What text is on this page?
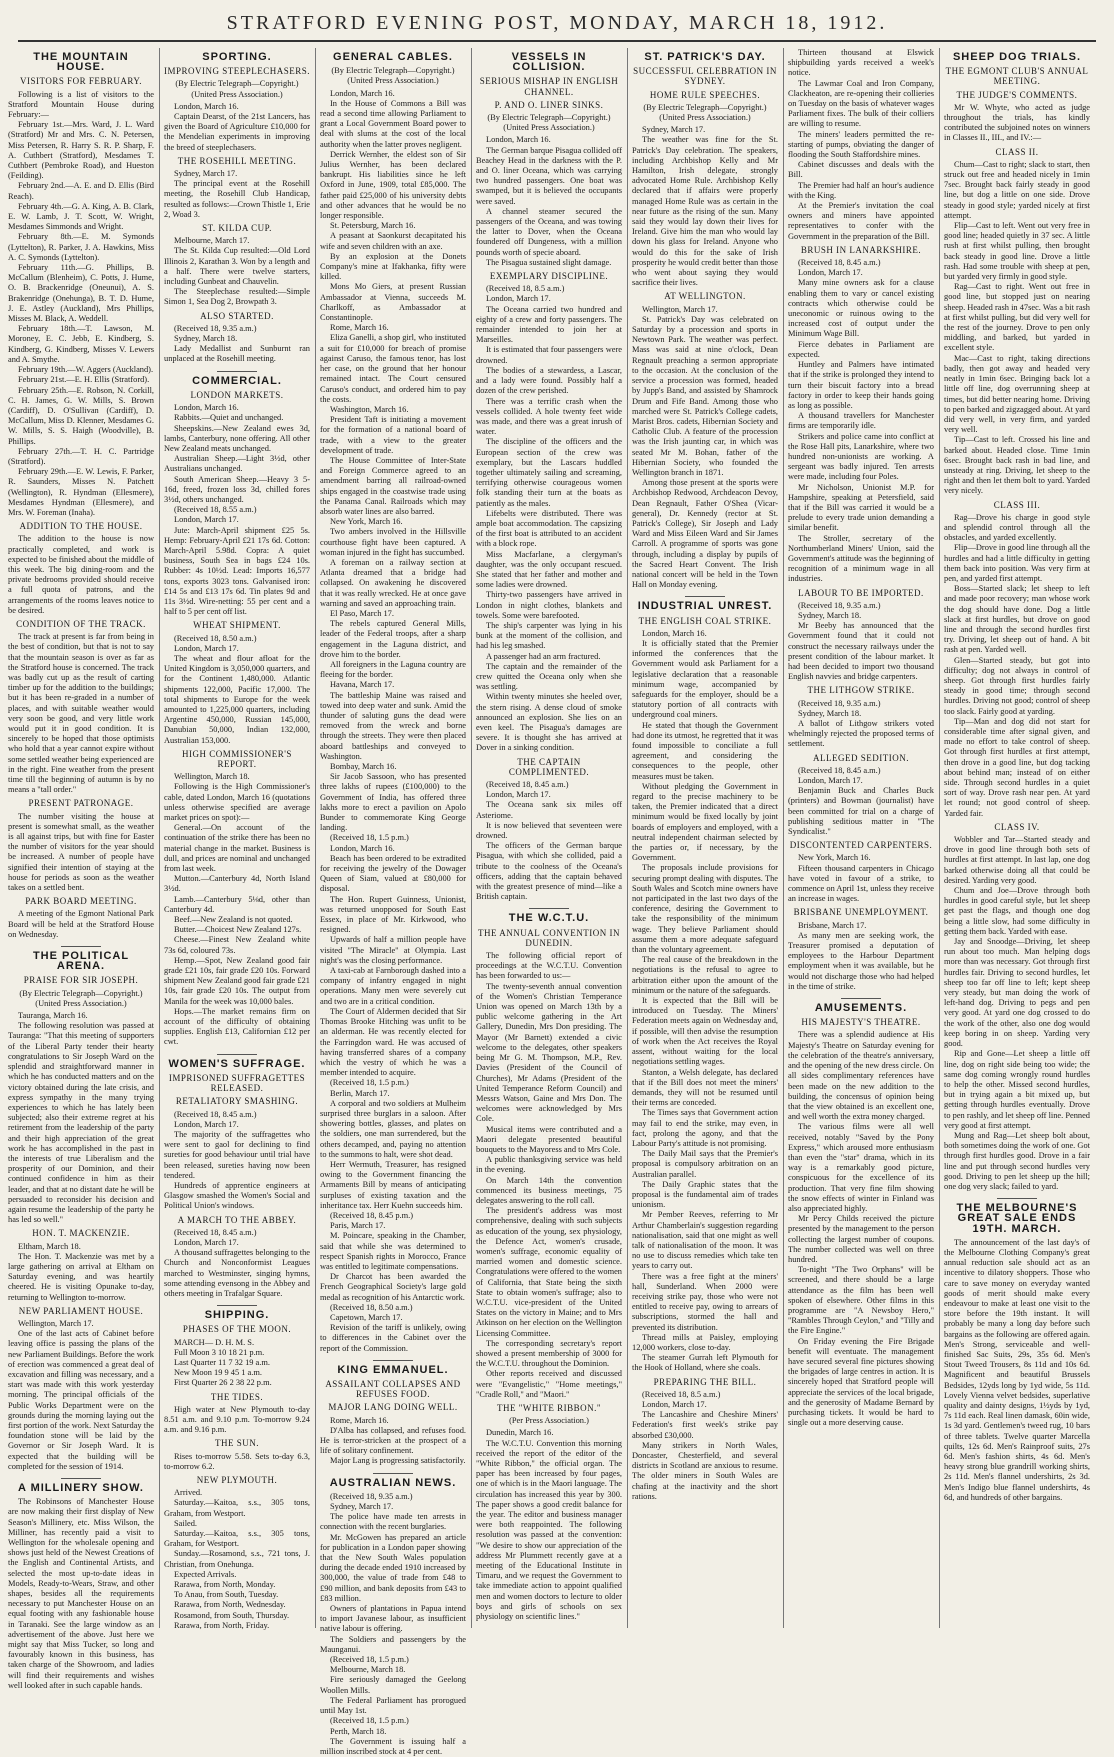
STRATFORD EVENING POST, MONDAY, MARCH 18, 1912.
THE MOUNTAIN HOUSE.
VISITORS FOR FEBRUARY.

Following is a list of visitors to the Stratford Mountain House during February:—

February 1st.—Mrs. Ward, J. L. Ward (Stratford) Mr and Mrs. C. N. Petersen, Miss Petersen, R. Harry S. R. P. Sharp, F. A. Cuthbert (Stratford), Mesdames T. Cuthbert (Pembroke Road), and Hueston (Feilding).

February 2nd.—A. E. and D. Ellis (Bird Reach).

February 4th.—G. A. King, A. B. Clark, E. W. Lamb, J. T. Scott, W. Wright, Mesdames Simmonds and Wright.

February 8th.—E. M. Symonds (Lyttelton), R. Parker, J. A. Hawkins, Miss A. C. Symonds (Lyttelton).

February 11th.—G. Phillips, B. McCallum (Blenheim), C. Potts, J. Hume, O. B. Brackenridge (Oneunui), A. S. Brakenridge (Onehunga), B. T. D. Hume, J. E. Astley (Auckland), Mrs Phillips, Misses M. Black, A. Weddell.

February 18th.—T. Lawson, M. Moroney, E. C. Jebb, E. Kindberg, S. Kindberg, G. Kindberg, Misses V. Lewers and A. Smythe.

February 19th.—W. Aggers (Auckland).

February 21st.—E. H. Ellis (Stratford).

February 25th.—E. Robson, N. Corkill, C. H. James, G. W. Mills, S. Brown (Cardiff), D. O'Sullivan (Cardiff), D. McCallum, Miss D. Klenner, Mesdames G. W. Mills, S. S. Haigh (Woodville), B. Phillips.

February 27th.—T. H. C. Partridge (Stratford).

February 29th.—E. W. Lewis, F. Parker, R. Saunders, Misses N. Patchett (Wellington), R. Hyndman (Ellesmere), Mesdames Hyndman (Ellesmere), and Mrs. W. Foreman (Inaha).

ADDITION TO THE HOUSE.

The addition to the house is now practically completed, and work is expected to be finished about the middle of this week. The big dining-room and the private bedrooms provided should receive a full quota of patrons, and the arrangements of the rooms leaves notice to be desired.

CONDITION OF THE TRACK.

The track at present is far from being in the best of condition, but that is not to say that the mountain season is over as far as the Stratford house is concerned. The track was badly cut up as the result of carting timber up for the addition to the buildings; but it has been re-graded in a number of places, and with suitable weather would very soon be good, and very little work would put it in good condition. It is sincerely to be hoped that those optimists who hold that a year cannot expire without some settled weather being experienced are in the right. Fine weather from the present time till the beginning of autumn is by no means a "tall order."

PRESENT PATRONAGE.

The number visiting the house at present is somewhat small, as the weather is all against trips, but with fine for Easter the number of visitors for the year should be increased. A number of people have signified their intention of staying at the house for periods as soon as the weather takes on a settled bent.

PARK BOARD MEETING.

A meeting of the Egmont National Park Board will be held at the Stratford House on Wednesday.

THE POLITICAL ARENA.
PRAISE FOR SIR JOSEPH.
(By Electric Telegraph—Copyright.) (United Press Association.)

Tauranga, March 16.

The following resolution was passed at Tauranga: "That this meeting of supporters of the Liberal Party tender their hearty congratulations to Sir Joseph Ward on the splendid and straightforward manner in which he has conducted matters and on the victory obtained during the late crisis, and express sympathy in the many trying experiences to which he has lately been subjected; also their extreme regret at his retirement from the leadership of the party and their high appreciation of the great work he has accomplished in the past in the interests of true Liberalism and the prosperity of our Dominion, and their continued confidence in him as their leader, and that at no distant date he will be persuaded to reconsider his decision and again resume the leadership of the party he has led so well."

HON. T. MACKENZIE.

Eltham, March 18.

The Hon. T. Mackenzie was met by a large gathering on arrival at Eltham on Saturday evening, and was heartily cheered. He is visiting Opunake to-day, returning to Wellington to-morrow.

NEW PARLIAMENT HOUSE.

Wellington, March 17.

One of the last acts of Cabinet before leaving office is passing the plans of the new Parliament Buildings. Before the work of erection was commenced a great deal of excavation and filling was necessary, and a start was made with this work yesterday morning. The principal officials of the Public Works Department were on the grounds during the morning laying out the first portion of the work. Next Saturday the foundation stone will be laid by the Governor or Sir Joseph Ward. It is expected that the building will be completed for the session of 1914.

A MILLINERY SHOW.

The Robinsons of Manchester House are now making their first display of New Season's Millinery, etc. Miss Wilson, the Milliner, has recently paid a visit to Wellington for the wholesale opening and shows just held of the Newest Creations of the English and Continental Artists, and selected the most up-to-date ideas in Models, Ready-to-Wears, Straw, and other shapes, besides all the requirements necessary to put Manchester House on an equal footing with any fashionable house in Taranaki. See the large window as an advertisement of the above. Just here we might say that Miss Tucker, so long and favourably known in this business, has taken charge of the Showroom, and ladies will find their requirements and wishes well looked after in such capable hands.

SPORTING.
IMPROVING STEEPLECHASERS.
(By Electric Telegraph—Copyright.) (United Press Association.)

London, March 16.

Captain Dearst, of the 21st Lancers, has given the Board of Agriculture £10,000 for the Mendelian experiments in improving the breed of steeplechasers.

THE ROSEHILL MEETING.

Sydney, March 17.

The principal event at the Rosehill meeting, the Rosehill Club Handicap, resulted as follows:—Crown Thistle 1, Erie 2, Woad 3.

ST. KILDA CUP.

Melbourne, March 17.

The St. Kilda Cup resulted:—Old Lord Illinois 2, Karathan 3. Won by a length and a half. There were twelve starters, including Gunbeat and Chauvelin.

The Steeplechase resulted:—Simple Simon 1, Sea Dog 2, Browpath 3.

ALSO STARTED.

(Received 18, 9.35 a.m.)

Sydney, March 18.

Lady Medallist and Sunburnt ran unplaced at the Rosehill meeting.

COMMERCIAL.
LONDON MARKETS.

London, March 16.

Rabbits.—Quiet and unchanged.

Sheepskins.—New Zealand ewes 3d, lambs, Canterbury, none offering. All other New Zealand meats unchanged.

Australian Sheep.—Light 3½d, other Australians unchanged.

South American Sheep.—Heavy 3 5-16d, freed, frozen loss 3d, chilled fores 3½d, others unchanged.

(Received 18, 8.55 a.m.)

London, March 17.

Jute: March-April shipment £25 5s. Hemp: February-April £21 17s 6d. Cotton: March-April 5.98d. Copra: A quiet business, South Sea in bags £24 10s. Rubber: 4s 10½d. Lead: Imports 16,577 tons, exports 3023 tons. Galvanised iron: £14 5s and £13 17s 6d. Tin plates 9d and 11s 3½d. Wire-netting: 55 per cent and a half to 5 per cent off list.

WHEAT SHIPMENT.

(Received 18, 8.50 a.m.)

London, March 17.

The wheat and flour afloat for the United Kingdom is 3,050,000 quarters, and for the Continent 1,480,000. Atlantic shipments 122,000, Pacific 17,000. The total shipments to Europe for the week amounted to 1,225,000 quarters, including Argentine 450,000, Russian 145,000, Danubian 50,000, Indian 132,000, Australian 153,000.

HIGH COMMISSIONER'S REPORT.

Wellington, March 18.

Following is the High Commissioner's cable, dated London, March 16 (quotations unless otherwise specified are average market prices on spot):—

General.—On account of the continuation of the strike there has been no material change in the market. Business is dull, and prices are nominal and unchanged from last week.

Mutton.—Canterbury 4d, North Island 3½d.

Lamb.—Canterbury 5⅛d, other than Canterbury 4d.

Beef.—New Zealand is not quoted.

Butter.—Choicest New Zealand 127s.

Cheese.—Finest New Zealand white 73s 6d, coloured 73s.

Hemp.—Spot, New Zealand good fair grade £21 10s, fair grade £20 10s. Forward shipment New Zealand good fair grade £21 10s, fair grade £20 10s. The output from Manila for the week was 10,000 bales.

Hops.—The market remains firm on account of the difficulty of obtaining supplies. English £13, Californian £12 per cwt.

WOMEN'S SUFFRAGE.
IMPRISONED SUFFRAGETTES RELEASED.
RETALIATORY SMASHING.

(Received 18, 8.45 a.m.)

London, March 17.

The majority of the suffragettes who were sent to gaol for declining to find sureties for good behaviour until trial have been released, sureties having now been tendered.

Hundreds of apprentice engineers at Glasgow smashed the Women's Social and Political Union's windows.

A MARCH TO THE ABBEY.

(Received 18, 8.45 a.m.)

London, March 17.

A thousand suffragettes belonging to the Church and Nonconformist Leagues marched to Westminster, singing hymns, some attending evensong in the Abbey and others meeting in Trafalgar Square.

SHIPPING.
PHASES OF THE MOON.

MARCH— D. H. M. S.

Full Moon 3 10 18 21 p.m.

Last Quarter 11 7 32 19 a.m.

New Moon 19 9 45 1 a.m.

First Quarter 26 2 38 22 p.m.

THE TIDES.

High water at New Plymouth to-day 8.51 a.m. and 9.10 p.m. To-morrow 9.24 a.m. and 9.16 p.m.

THE SUN.

Rises to-morrow 5.58. Sets to-day 6.3, to-morrow 6.2.

NEW PLYMOUTH.

Arrived.

Saturday.—Kaitoa, s.s., 305 tons, Graham, from Westport.

Sailed.

Saturday.—Kaitoa, s.s., 305 tons, Graham, for Westport.

Sunday.—Rosamond, s.s., 721 tons, J. Christian, from Onehunga.

Expected Arrivals.

Rarawa, from North, Monday.

To Anau, from South, Tuesday.

Rarawa, from North, Wednesday.

Rosamond, from South, Thursday.

Rarawa, from North, Friday.

GENERAL CABLES.
(By Electric Telegraph—Copyright.) (United Press Association.)

London, March 16.

In the House of Commons a Bill was read a second time allowing Parliament to grant a Local Government Board power to deal with slums at the cost of the local authority when the latter proves negligent.

Derrick Wernher, the eldest son of Sir Julius Wernher, has been declared bankrupt. His liabilities since he left Oxford in June, 1909, total £85,000. The father paid £25,000 of his university debts and other advances that he would be no longer responsible.

St. Petersburg, March 16.

A peasant at Saonkurst decapitated his wife and seven children with an axe.

By an explosion at the Donets Company's mine at Ifakhanka, fifty were killed.

Mons Mo Giers, at present Russian Ambassador at Vienna, succeeds M. Charlkoff, as Ambassador at Constantinople.

Rome, March 16.

Eliza Ganelli, a shop girl, who instituted a suit for £10,000 for breach of promise against Caruso, the famous tenor, has lost her case, on the ground that her honour remained intact. The Court censured Caruso's conduct, and ordered him to pay the costs.

Washington, March 16.

President Taft is initiating a movement for the formation of a national board of trade, with a view to the greater development of trade.

The House Committee of Inter-State and Foreign Commerce agreed to an amendment barring all railroad-owned ships engaged in the coastwise trade using the Panama Canal. Railroads which may absorb water lines are also barred.

New York, March 16.

Two ambers involved in the Hillsville courthouse fight have been captured. A woman injured in the fight has succumbed.

A foreman on a railway section at Atlanta dreamed that a bridge had collapsed. On awakening he discovered that it was really wrecked. He at once gave warning and saved an approaching train.

El Paso, March 17.

The rebels captured General Mills, leader of the Federal troops, after a sharp engagement in the Laguna district, and drove him to the border.

All foreigners in the Laguna country are fleeing for the border.

Havana, March 17.

The battleship Maine was raised and towed into deep water and sunk. Amid the thunder of saluting guns the dead were removed from the wreck and borne through the streets. They were then placed aboard battleships and conveyed to Washington.

Bombay, March 16.

Sir Jacob Sassoon, who has presented three lakhs of rupees (£100,000) to the Government of India, has offered three lakhs more to erect a pavilion on Apolo Bunder to commemorate King George landing.

(Received 18, 1.5 p.m.)

London, March 16.

Beach has been ordered to be extradited for receiving the jewelry of the Dowager Queen of Siam, valued at £80,000 for disposal.

The Hon. Rupert Guinness, Unionist, was returned unopposed for South East Essex, in place of Mr. Kirkwood, who resigned.

Upwards of half a million people have visited "The Miracle" at Olympia. Last night's was the closing performance.

A taxi-cab at Farnborough dashed into a company of infantry engaged in night operations. Many men were severely cut and two are in a critical condition.

The Court of Aldermen decided that Sir Thomas Brooke Hitching was unfit to be an alderman. He was recently elected for the Farringdon ward. He was accused of having transferred shares of a company which the vestry of which he was a member intended to acquire.

(Received 18, 1.5 p.m.)

Berlin, March 17.

A corporal and two soldiers at Mulheim surprised three burglars in a saloon. After showering bottles, glasses, and plates on the soldiers, one man surrendered, but the others decamped, and, paying no attention to the summons to halt, were shot dead.

Herr Wermuth, Treasurer, has resigned owing to the Government financing the Armaments Bill by means of anticipating surpluses of existing taxation and the inheritance tax. Herr Kuehn succeeds him.

(Received 18, 8.45 p.m.)

Paris, March 17.

M. Poincare, speaking in the Chamber, said that while she was determined to respect Spanish rights in Morocco, France was entitled to legitimate compensations.

Dr Charcot has been awarded the French Geographical Society's large gold medal as recognition of his Antarctic work.

(Received 18, 8.50 a.m.)

Capetown, March 17.

Revision of the tariff is unlikely, owing to differences in the Cabinet over the report of the Commission.

KING EMMANUEL.
ASSAILANT COLLAPSES AND REFUSES FOOD.
MAJOR LANG DOING WELL.

Rome, March 16.

D'Alba has collapsed, and refuses food. He is terror-stricken at the prospect of a life of solitary confinement.

Major Lang is progressing satisfactorily.

AUSTRALIAN NEWS.

(Received 18, 9.35 a.m.)

Sydney, March 17.

The police have made ten arrests in connection with the recent burglaries.

Mr. McGowen has prepared an article for publication in a London paper showing that the New South Wales population during the decade ended 1910 increased by 300,000, the value of trade from £48 to £90 million, and bank deposits from £43 to £83 million.

Owners of plantations in Papua intend to import Javanese labour, as insufficient native labour is offering.

The Soldiers and passengers by the Maunganui.

(Received 18, 1.5 p.m.)

Melbourne, March 18.

Fire seriously damaged the Geelong Woollen Mills.

The Federal Parliament has prorogued until May 1st.

(Received 18, 1.5 p.m.)

Perth, March 18.

The Government is issuing half a million inscribed stock at 4 per cent.

VESSELS IN COLLISION.
SERIOUS MISHAP IN ENGLISH CHANNEL.
P. AND O. LINER SINKS.
(By Electric Telegraph—Copyright.) (United Press Association.)

London, March 16.

The German barque Pisagua collided off Beachey Head in the darkness with the P. and O. liner Oceana, which was carrying two hundred passengers. One boat was swamped, but it is believed the occupants were saved.

A channel steamer secured the passengers of the Oceana, and was towing the latter to Dover, when the Oceana foundered off Dungeness, with a million pounds worth of specie aboard.

The Pisagua sustained slight damage.

EXEMPLARY DISCIPLINE.

(Received 18, 8.5 a.m.)

London, March 17.

The Oceana carried two hundred and eighty of a crew and forty passengers. The remainder intended to join her at Marseilles.

It is estimated that four passengers were drowned.

The bodies of a stewardess, a Lascar, and a lady were found. Possibly half a dozen of the crew perished.

There was a terrific crash when the vessels collided. A hole twenty feet wide was made, and there was a great inrush of water.

The discipline of the officers and the European section of the crew was exemplary, but the Lascars huddled together ultimately sailing and screaming, terrifying otherwise courageous women folk standing their turn at the boats as patiently as the males.

Lifebelts were distributed. There was ample boat accommodation. The capsizing of the first boat is attributed to an accident with a block rope.

Miss Macfarlane, a clergyman's daughter, was the only occupant rescued. She stated that her father and mother and some ladies were drowned.

Thirty-two passengers have arrived in London in night clothes, blankets and towels. Some were barefooted.

The ship's carpenter was lying in his bunk at the moment of the collision, and had his leg smashed.

A passenger had an arm fractured.

The captain and the remainder of the crew quitted the Oceana only when she was settling.

Within twenty minutes she heeled over, the stern rising. A dense cloud of smoke announced an explosion. She lies on an even keel. The Pisagua's damages are severe. It is thought she has arrived at Dover in a sinking condition.

THE CAPTAIN COMPLIMENTED.

(Received 18, 8.45 a.m.)

London, March 17.

The Oceana sank six miles off Asteriome.

It is now believed that seventeen were drowned.

The officers of the German barque Pisagua, with which she collided, paid a tribute to the coolness of the Oceana's officers, adding that the captain behaved with the greatest presence of mind—like a British captain.

THE W.C.T.U.
THE ANNUAL CONVENTION IN DUNEDIN.

The following official report of proceedings at the W.C.T.U. Convention has been forwarded to us:—

The twenty-seventh annual convention of the Women's Christian Temperance Union was opened on March 13th by a public welcome gathering in the Art Gallery, Dunedin, Mrs Don presiding. The Mayor (Mr Barnett) extended a civic welcome to the delegates, other speakers being Mr G. M. Thompson, M.P., Rev. Davies (President of the Council of Churches), Mr Adams (President of the United Temperance Reform Council) and Messrs Watson, Gaine and Mrs Don. The welcomes were acknowledged by Mrs Cole.

Musical items were contributed and a Maori delegate presented beautiful bouquets to the Mayoress and to Mrs Cole.

A public thanksgiving service was held in the evening.

On March 14th the convention commenced its business meetings, 75 delegates answering to the roll call.

The president's address was most comprehensive, dealing with such subjects as education of the young, sex physiology, the Defence Act, women's crusade, women's suffrage, economic equality of married women and domestic science. Congratulations were offered to the women of California, that State being the sixth State to obtain women's suffrage; also to W.C.T.U. vice-president of the United States on the victory in Maine; and to Mrs Atkinson on her election on the Wellington Licensing Committee.

The corresponding secretary's report showed a present membership of 3000 for the W.C.T.U. throughout the Dominion.

Other reports received and discussed were "Evangelistic," "Home meetings," "Cradle Roll," and "Maori."

THE "WHITE RIBBON."
(Per Press Association.)

Dunedin, March 16.

The W.C.T.U. Convention this morning received the report of the editor of the "White Ribbon," the official organ. The paper has been increased by four pages, one of which is in the Maori language. The circulation has increased this year by 300. The paper shows a good credit balance for the year. The editor and business manager were both reappointed. The following resolution was passed at the convention: "We desire to show our appreciation of the address Mr Plummett recently gave at a meeting of the Educational Institute in Timaru, and we request the Government to take immediate action to appoint qualified men and women doctors to lecture to older boys and girls of schools on sex physiology on scientific lines."

ST. PATRICK'S DAY.
SUCCESSFUL CELEBRATION IN SYDNEY.
HOME RULE SPEECHES.
(By Electric Telegraph—Copyright.) (United Press Association.)

Sydney, March 17.

The weather was fine for the St. Patrick's Day celebration. The speakers, including Archbishop Kelly and Mr Hamilton, Irish delegate, strongly advocated Home Rule. Archbishop Kelly declared that if affairs were properly managed Home Rule was as certain in the near future as the rising of the sun. Many said they would lay down their lives for Ireland. Give him the man who would lay down his glass for Ireland. Anyone who would do this for the sake of Irish prosperity he would credit better than those who went about saying they would sacrifice their lives.

AT WELLINGTON.

Wellington, March 17.

St. Patrick's Day was celebrated on Saturday by a procession and sports in Newtown Park. The weather was perfect. Mass was said at nine o'clock, Dean Regnault preaching a sermon appropriate to the occasion. At the conclusion of the service a procession was formed, headed by Jupp's Band, and assisted by Shamrock Drum and Fife Band. Among those who marched were St. Patrick's College cadets, Marist Bros. cadets, Hibernian Society and Catholic Club. A feature of the procession was the Irish jaunting car, in which was seated Mr M. Bohan, father of the Hibernian Society, who founded the Wellington branch in 1871.

Among those present at the sports were Archbishop Redwood, Archdeacon Devoy, Dean Regnault, Father O'Shea (Vicar-general), Dr. Kennedy (rector at St. Patrick's College), Sir Joseph and Lady Ward and Miss Eileen Ward and Sir James Carroll. A programme of sports was gone through, including a display by pupils of the Sacred Heart Convent. The Irish national concert will be held in the Town Hall on Monday evening.

INDUSTRIAL UNREST.
THE ENGLISH COAL STRIKE.

London, March 16.

It is officially stated that the Premier informed the conferences that the Government would ask Parliament for a legislative declaration that a reasonable minimum wage, accompanied by safeguards for the employer, should be a statutory portion of all contracts with underground coal miners.

He stated that though the Government had done its utmost, he regretted that it was found impossible to conciliate a full agreement, and considering the consequences to the people, other measures must be taken.

Without pledging the Government in regard to the precise machinery to be taken, the Premier indicated that a direct minimum would be fixed locally by joint boards of employers and employed, with a neutral independent chairman selected by the parties or, if necessary, by the Government.

The proposals include provisions for securing prompt dealing with disputes. The South Wales and Scotch mine owners have not participated in the last two days of the conference, desiring the Government to take the responsibility of the minimum wage. They believe Parliament should assume them a more adequate safeguard than the voluntary agreement.

The real cause of the breakdown in the negotiations is the refusal to agree to arbitration either upon the amount of the minimum or the nature of the safeguards.

It is expected that the Bill will be introduced on Tuesday. The Miners' Federation meets again on Wednesday and, if possible, will then advise the resumption of work when the Act receives the Royal assent, without waiting for the local negotiations settling wages.

Stanton, a Welsh delegate, has declared that if the Bill does not meet the miners' demands, they will not be resumed until their terms are conceded.

The Times says that Government action may fail to end the strike, may even, in fact, prolong the agony, and that the Labour Party's attitude is not promising.

The Daily Mail says that the Premier's proposal is compulsory arbitration on an Australian parallel.

The Daily Graphic states that the proposal is the fundamental aim of trades unionism.

Mr Pember Reeves, referring to Mr Arthur Chamberlain's suggestion regarding nationalisation, said that one might as well talk of nationalisation of the moon. It was no use to discuss remedies which take ten years to carry out.

There was a free fight at the miners' hall, Sunderland. When 2000 were receiving strike pay, those who were not entitled to receive pay, owing to arrears of subscriptions, stormed the hall and prevented its distribution.

Thread mills at Paisley, employing 12,000 workers, close to-day.

The steamer Gurrah left Plymouth for the Hook of Holland, where she coals.

PREPARING THE BILL.

(Received 18, 8.5 a.m.)

London, March 17.

The Lancashire and Cheshire Miners' Federation's first week's strike pay absorbed £30,000.

Many strikers in North Wales, Doncaster, Chesterfield, and several districts in Scotland are anxious to resume. The older miners in South Wales are chafing at the inactivity and the short rations.

Thirteen thousand at Elswick shipbuilding yards received a week's notice.

The Lawmar Coal and Iron Company, Clackheaton, are re-opening their collieries on Tuesday on the basis of whatever wages Parliament fixes. The bulk of their colliers are willing to resume.

The miners' leaders permitted the re-starting of pumps, obviating the danger of flooding the South Staffordshire mines.

Cabinet discusses and deals with the Bill.

The Premier had half an hour's audience with the King.

At the Premier's invitation the coal owners and miners have appointed representatives to confer with the Government in the preparation of the Bill.

BRUSH IN LANARKSHIRE.

(Received 18, 8.45 a.m.)

London, March 17.

Many mine owners ask for a clause enabling them to vary or cancel existing contracts which otherwise could be uneconomic or ruinous owing to the increased cost of output under the Minimum Wage Bill.

Fierce debates in Parliament are expected.

Huntley and Palmers have intimated that if the strike is prolonged they intend to turn their biscuit factory into a bread factory in order to keep their hands going as long as possible.

A thousand travellers for Manchester firms are temporarily idle.

Strikers and police came into conflict at the Rose Hall pits, Lanarkshire, where two hundred non-unionists are working. A sergeant was badly injured. Ten arrests were made, including four Poles.

Mr Nicholson, Unionist M.P. for Hampshire, speaking at Petersfield, said that if the Bill was carried it would be a prelude to every trade union demanding a similar benefit.

The Stroller, secretary of the Northumberland Miners' Union, said the Government's attitude was the beginning of recognition of a minimum wage in all industries.

LABOUR TO BE IMPORTED.

(Received 18, 9.35 a.m.)

Sydney, March 18.

Mr Beeby has announced that the Government found that it could not construct the necessary railways under the present condition of the labour market. It had been decided to import two thousand English navvies and bridge carpenters.

THE LITHGOW STRIKE.

(Received 18, 9.35 a.m.)

Sydney, March 18.

A ballot of Lithgow strikers voted whelmingly rejected the proposed terms of settlement.

ALLEGED SEDITION.

(Received 18, 8.45 a.m.)

London, March 17.

Benjamin Buck and Charles Buck (printers) and Bowman (journalist) have been committed for trial on a charge of publishing seditious matter in "The Syndicalist."

DISCONTENTED CARPENTERS.

New York, March 16.

Fifteen thousand carpenters in Chicago have voted in favour of a strike, to commence on April 1st, unless they receive an increase in wages.

BRISBANE UNEMPLOYMENT.

Brisbane, March 17.

As many men are seeking work, the Treasurer promised a deputation of employees to the Harbour Department employment when it was available, but he would not discharge those who had helped in the time of strike.

AMUSEMENTS.
HIS MAJESTY'S THEATRE.

There was a splendid audience at His Majesty's Theatre on Saturday evening for the celebration of the theatre's anniversary, and the opening of the new dress circle. On all sides complimentary references have been made on the new addition to the building, the concensus of opinion being that the view obtained is an excellent one, and well worth the extra money charged.

The various films were all well received, notably "Saved by the Pony Express," which aroused more enthusiasm than even the "star" drama, which in its way is a remarkably good picture, conspicuous for the excellence of its production. That very fine film showing the snow effects of winter in Finland was also appreciated highly.

Mr Percy Childs received the picture presented by the management to the person collecting the largest number of coupons. The number collected was well on three hundred.

To-night "The Two Orphans" will be screened, and there should be a large attendance as the film has been well spoken of elsewhere. Other films in this programme are "A Newsboy Hero," "Rambles Through Ceylon," and "Tilly and the Fire Engine."

On Friday evening the Fire Brigade benefit will eventuate. The management have secured several fine pictures showing the brigades of large centres in action. It is sincerely hoped that Stratford people will appreciate the services of the local brigade, and the generosity of Madame Bernard by purchasing tickets. It would be hard to single out a more deserving cause.

SHEEP DOG TRIALS.
THE EGMONT CLUB'S ANNUAL MEETING.
THE JUDGE'S COMMENTS.

Mr W. Whyte, who acted as judge throughout the trials, has kindly contributed the subjoined notes on winners in Classes II., III., and IV.:—

CLASS II.

Chum—Cast to right; slack to start, then struck out free and headed nicely in 1min 7sec. Brought back fairly steady in good line, but dog a little on one side. Drove steady in good style; yarded nicely at first attempt.

Flip—Cast to left. Went out very free in good line; headed quietly in 37 sec. A little rush at first whilst pulling, then brought back steady in good line. Drove a little rash. Had some trouble with sheep at pen, but yarded very firmly in good style.

Rag—Cast to right. Went out free in good line, but stopped just on nearing sheep. Headed rash in 47sec. Was a bit rash at first whilst pulling, but did very well for the rest of the journey. Drove to pen only middling, and barked, but yarded in excellent style.

Mac—Cast to right, taking directions badly, then got away and headed very neatly in 1min 6sec. Bringing back lot a little off line, dog overrunning sheep at times, but did better nearing home. Driving to pen barked and zigzagged about. At yard did very well, in very firm, and yarded very well.

Tip—Cast to left. Crossed his line and barked about. Headed close. Time 1min 6sec. Brought back rash in bad line, and unsteady at ring. Driving, let sheep to the right and then let them bolt to yard. Yarded very nicely.

CLASS III.

Rag—Drove his charge in good style and splendid control through all the obstacles, and yarded excellently.

Flip—Drove in good line through all the hurdles and had a little difficulty in getting them back into position. Was very firm at pen, and yarded first attempt.

Boss—Started slack; let sheep to left and made poor recovery; man whose work the dog should have done. Dog a little slack at first hurdles, but drove on good line and through the second hurdles first try. Driving, let sheep out of hand. A bit rash at pen. Yarded well.

Glen—Started steady, but got into difficulty; dog not always in control of sheep. Got through first hurdles fairly steady in good time; through second hurdles. Driving not good; control of sheep too slack. Fairly good at yarding.

Tip—Man and dog did not start for considerable time after signal given, and made no effort to take control of sheep. Got through first hurdles at first attempt, then drove in a good line, but dog tacking about behind man; instead of on either side. Through second hurdles in a quiet sort of way. Drove rash near pen. At yard let round; not good control of sheep. Yarded fair.

CLASS IV.

Wobbler and Tar—Started steady and drove in good line through both sets of hurdles at first attempt. In last lap, one dog barked otherwise doing all that could be desired. Yarding very good.

Chum and Joe—Drove through both hurdles in good careful style, but let sheep get past the flags, and though one dog being a little slow, had some difficulty in getting them back. Yarded with ease.

Jay and Snoodge—Driving, let sheep run about too much. Man helping dogs more than was necessary. Got through first hurdles fair. Driving to second hurdles, let sheep too far off line to left; kept sheep very steady, but man doing the work of left-hand dog. Driving to pegs and pen very good. At yard one dog crossed to do the work of the other, also one dog would keep boring in on sheep. Yarding very good.

Rip and Gone—Let sheep a little off line, dog on right side being too wide; the same dog coming wrongly round hurdles to help the other. Missed second hurdles, but in trying again a bit mixed up, but getting through hurdles eventually. Drove to pen rashly, and let sheep off line. Penned very good at first attempt.

Mung and Rag—Let sheep bolt about, both sometimes doing the work of one. Got through first hurdles good. Drove in a fair line and put through second hurdles very good. Driving to pen let sheep up the hill; one dog very slack; failed to yard.

THE MELBOURNE'S GREAT SALE ENDS 19TH. MARCH.

The announcement of the last day's of the Melbourne Clothing Company's great annual reduction sale should act as an incentive to dilatory shoppers. Those who care to save money on everyday wanted goods of merit should make every endeavour to make at least one visit to the store before the 19th instant. It will probably be many a long day before such bargains as the following are offered again. Men's Strong, serviceable and well-finished Sac Suits, 29s, 35s 6d. Men's Stout Tweed Trousers, 8s 11d and 10s 6d. Magnificent and beautiful Brussels Bedsides, 12yds long by 1yd wide, 5s 11d. Lovely Vienna velvet bedsides, superlative quality and dainty designs, 1½yds by 1yd, 7s 11d each. Real linen damask, 60in wide, 1s 3d yard. Gentlemen's tweed rug, 10 bars of three tablets. Twelve quarter Marcella quilts, 12s 6d. Men's Rainproof suits, 27s 6d. Men's fashion shirts, 4s 6d. Men's heavy strong blue grandrill working shirts, 2s 11d. Men's flannel undershirts, 2s 3d. Men's Indigo blue flannel undershirts, 4s 6d, and hundreds of other bargains.
